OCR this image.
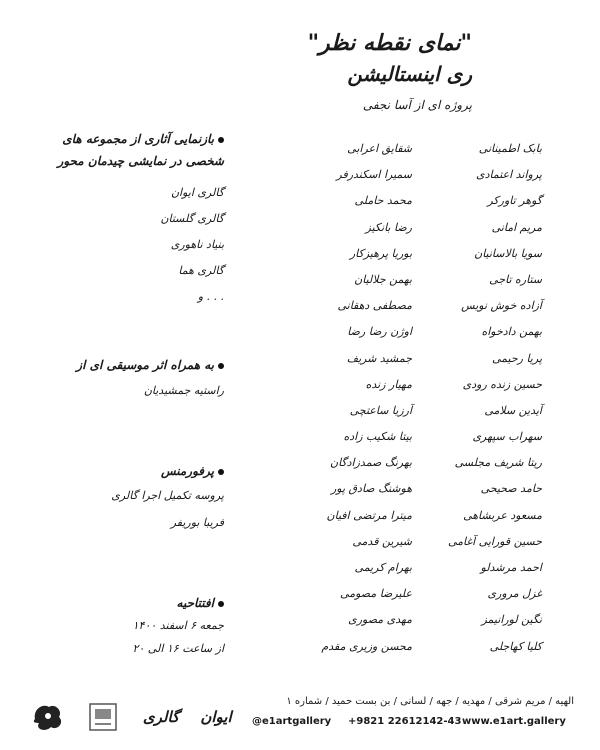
"نمای نقطه نظر"
ری اینستالیشن
پروژه ای از آسا نجفی
بابک اطمینانی
پرواند اعتمادی
گوهر تاورکر
مریم امانی
سویا بالاسانیان
ستاره تاجی
آزاده خوش نویس
بهمن دادخواه
پریا رحیمی
حسین زنده رودی
آیدین سلامی
سهراب سپهری
ریتا شریف مجلسی
حامد صحیحی
مسعود عربشاهی
حسین قورایی آغامی
احمد مرشدلو
غزل مروری
نگین لورانیمز
کلیا کهاجلی
شقایق اعرابی
سمیرا اسکندرفر
محمد حاملی
رضا بانکیز
بوریا پرهیزکار
بهمن جلالیان
مصطفی دهقانی
اوژن رضا رضا
جمشید شریف
مهیار زنده
آرزیا ساعتچی
بیتا شکیب زاده
بهرنگ صمدزادگان
هوشنگ صادق پور
میترا مرتضی افیان
شیرین قدمی
بهرام کریمی
علیرضا مصومی
مهدی مصوری
محسن وزیری مقدم
بازنمایی آثاری از مجموعه های
شخصی در نمایشی چیدمان محور
گالری ایوان
گالری گلستان
بنیاد ناهوری
گالری هما
و . . .
به همراه اثر موسیقی ای از
راستیه جمشیدیان
پرفورمنس
پروسه تکمیل اجرا گالری
فریبا بوریفر
افتتاحیه
جمعه ۶ اسفند ۱۴۰۰
از ساعت ۱۶ الی ۲۰
الهیه / مریم شرقی / مهدیه / جهه / لسانی / بن بست حمید / شماره ۱
@e1artgallery +9821 22612142-43 www.e1art.gallery
گالری	ایوان
